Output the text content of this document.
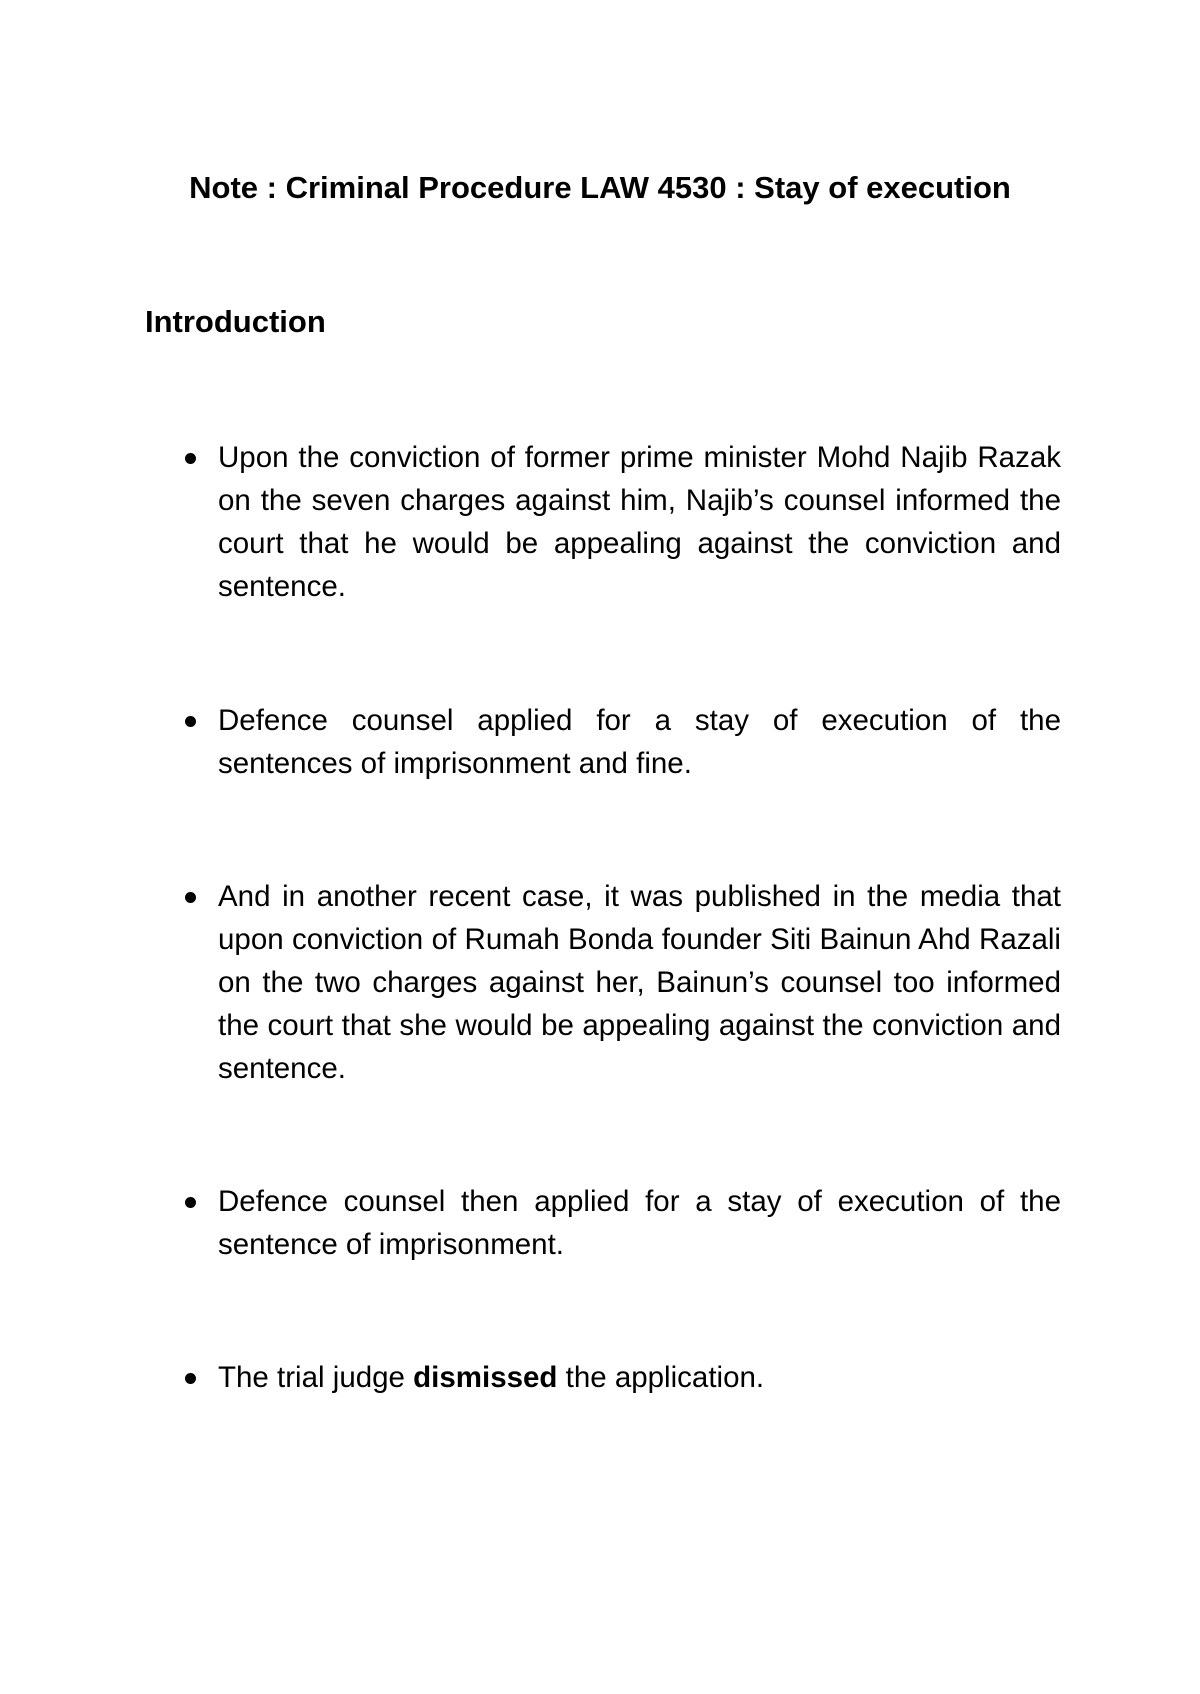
Note : Criminal Procedure LAW 4530 : Stay of execution
Introduction
Upon the conviction of former prime minister Mohd Najib Razak on the seven charges against him, Najib’s counsel informed the court that he would be appealing against the conviction and sentence.
Defence counsel applied for a stay of execution of the sentences of imprisonment and fine.
And in another recent case, it was published in the media that upon conviction of Rumah Bonda founder Siti Bainun Ahd Razali on the two charges against her, Bainun’s counsel too informed the court that she would be appealing against the conviction and sentence.
Defence counsel then applied for a stay of execution of the sentence of imprisonment.
The trial judge dismissed the application.
